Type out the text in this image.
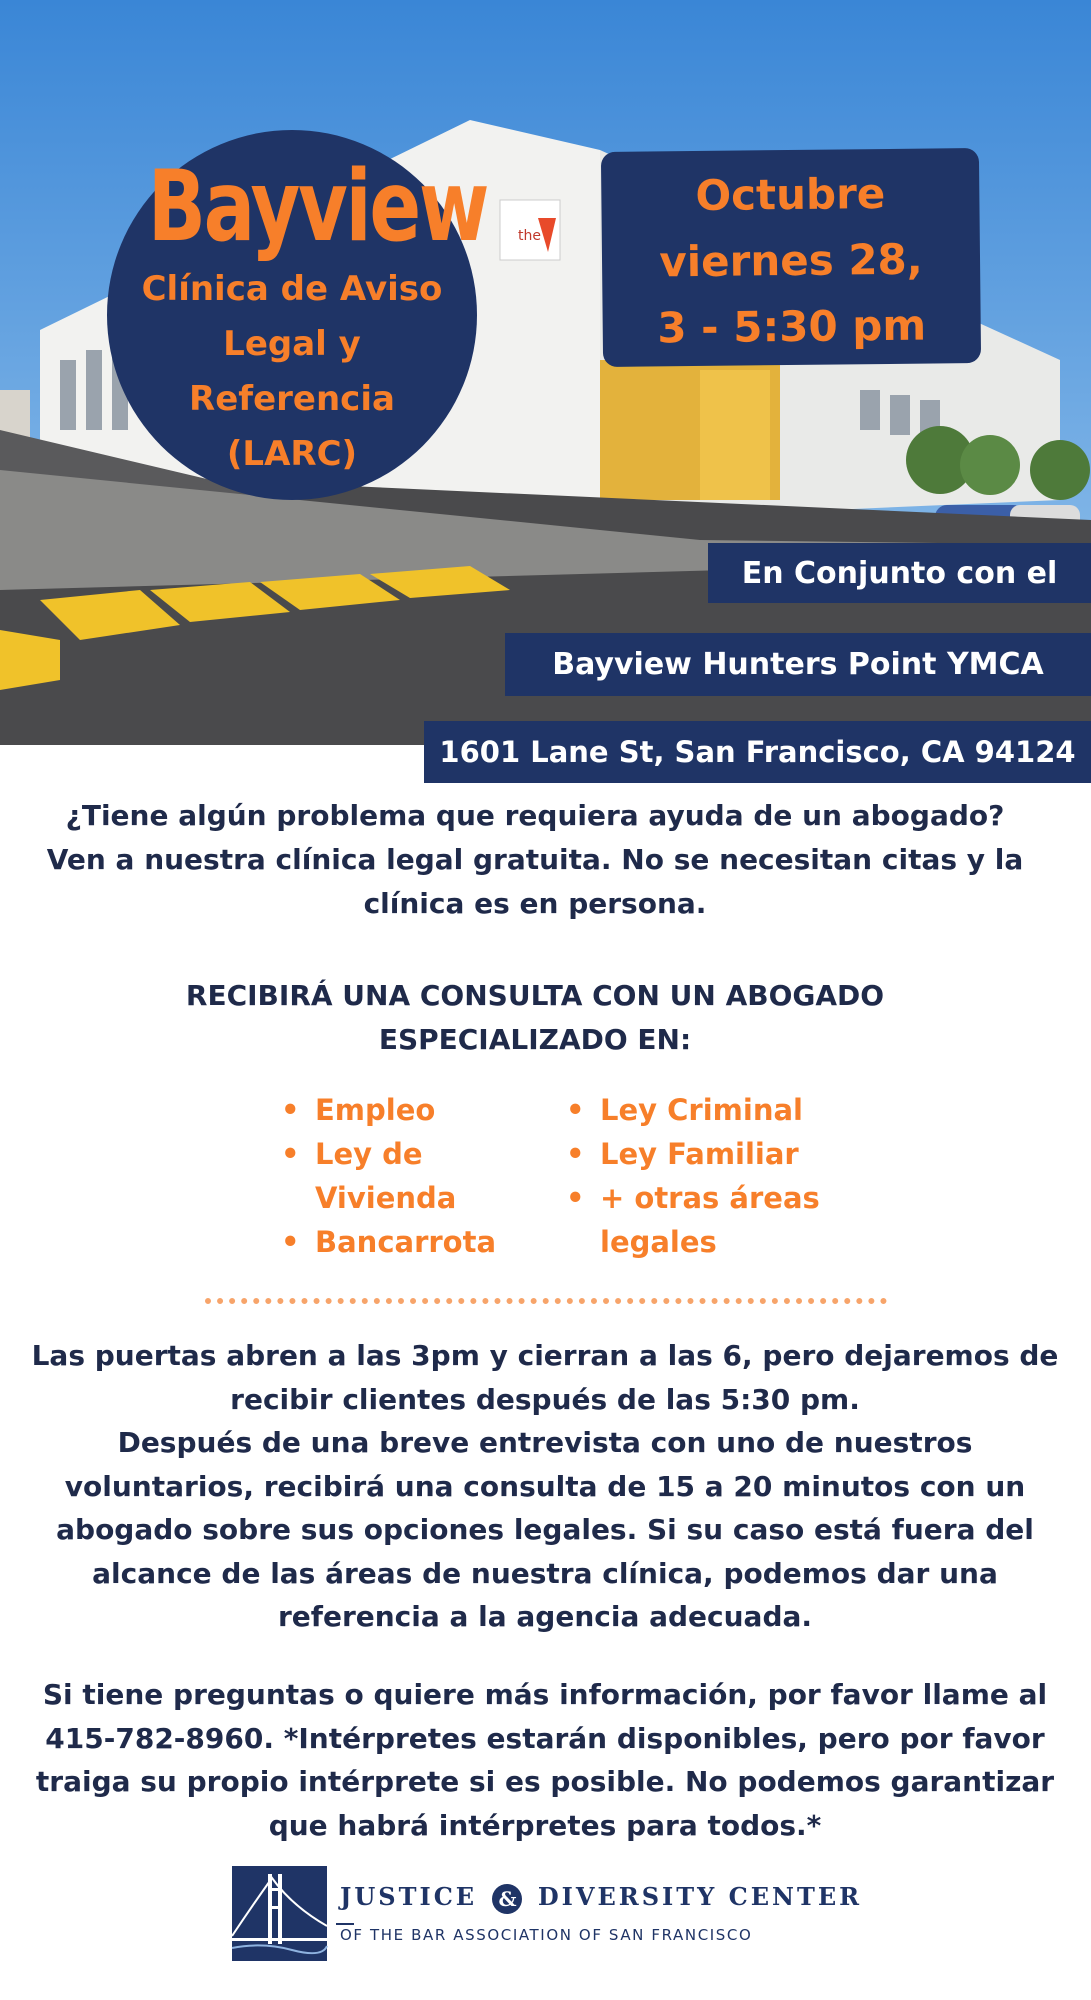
the
Bayview
Clínica de Aviso
Legal y
Referencia
(LARC)
Octubre
viernes 28,
3 - 5:30 pm
En Conjunto con el
Bayview Hunters Point YMCA
1601 Lane St, San Francisco, CA 94124
¿Tiene algún problema que requiera ayuda de un abogado?
Ven a nuestra clínica legal gratuita. No se necesitan citas y la
clínica es en persona.
RECIBIRÁ UNA CONSULTA CON UN ABOGADO
ESPECIALIZADO EN:
• Empleo
• Ley de Vivienda
• Bancarrota
• Ley Criminal
• Ley Familiar
• + otras áreas legales
Las puertas abren a las 3pm y cierran a las 6, pero dejaremos de
recibir clientes después de las 5:30 pm.
Después de una breve entrevista con uno de nuestros
voluntarios, recibirá una consulta de 15 a 20 minutos con un
abogado sobre sus opciones legales. Si su caso está fuera del
alcance de las áreas de nuestra clínica, podemos dar una
referencia a la agencia adecuada.
Si tiene preguntas o quiere más información, por favor llame al
415-782-8960. *Intérpretes estarán disponibles, pero por favor
traiga su propio intérprete si es posible. No podemos garantizar
que habrá intérpretes para todos.*
JUSTICE & DIVERSITY CENTER
OF THE BAR ASSOCIATION OF SAN FRANCISCO
